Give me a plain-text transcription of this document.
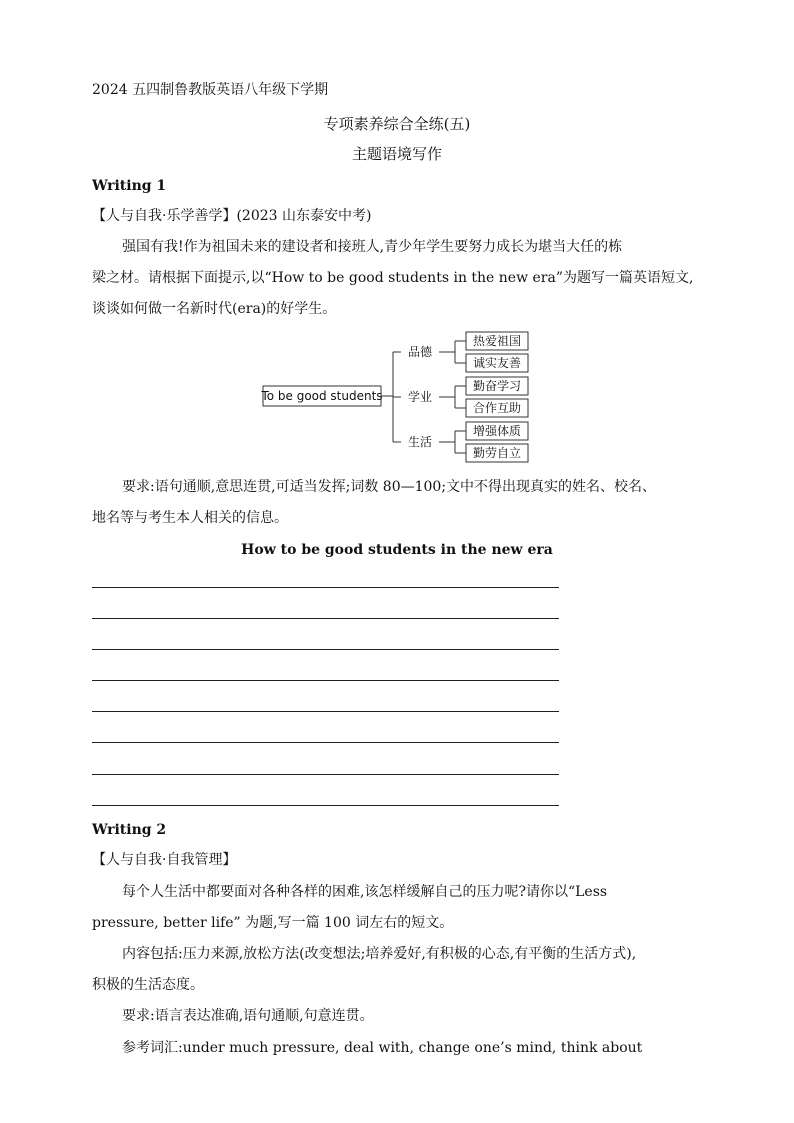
2024 五四制鲁教版英语八年级下学期
专项素养综合全练(五)
主题语境写作
Writing 1
【人与自我·乐学善学】(2023 山东泰安中考)
强国有我!作为祖国未来的建设者和接班人,青少年学生要努力成长为堪当大任的栋
梁之材。请根据下面提示,以“How to be good students in the new era”为题写一篇英语短文,
谈谈如何做一名新时代(era)的好学生。
To be good students
品德
学业
生活
热爱祖国
诚实友善
勤奋学习
合作互助
增强体质
勤劳自立
要求:语句通顺,意思连贯,可适当发挥;词数 80—100;文中不得出现真实的姓名、校名、
地名等与考生本人相关的信息。
How to be good students in the new era
Writing 2
【人与自我·自我管理】
每个人生活中都要面对各种各样的困难,该怎样缓解自己的压力呢?请你以“Less
pressure, better life” 为题,写一篇 100 词左右的短文。
内容包括:压力来源,放松方法(改变想法;培养爱好,有积极的心态,有平衡的生活方式),
积极的生活态度。
要求:语言表达准确,语句通顺,句意连贯。
参考词汇:under much pressure, deal with, change one’s mind, think about
